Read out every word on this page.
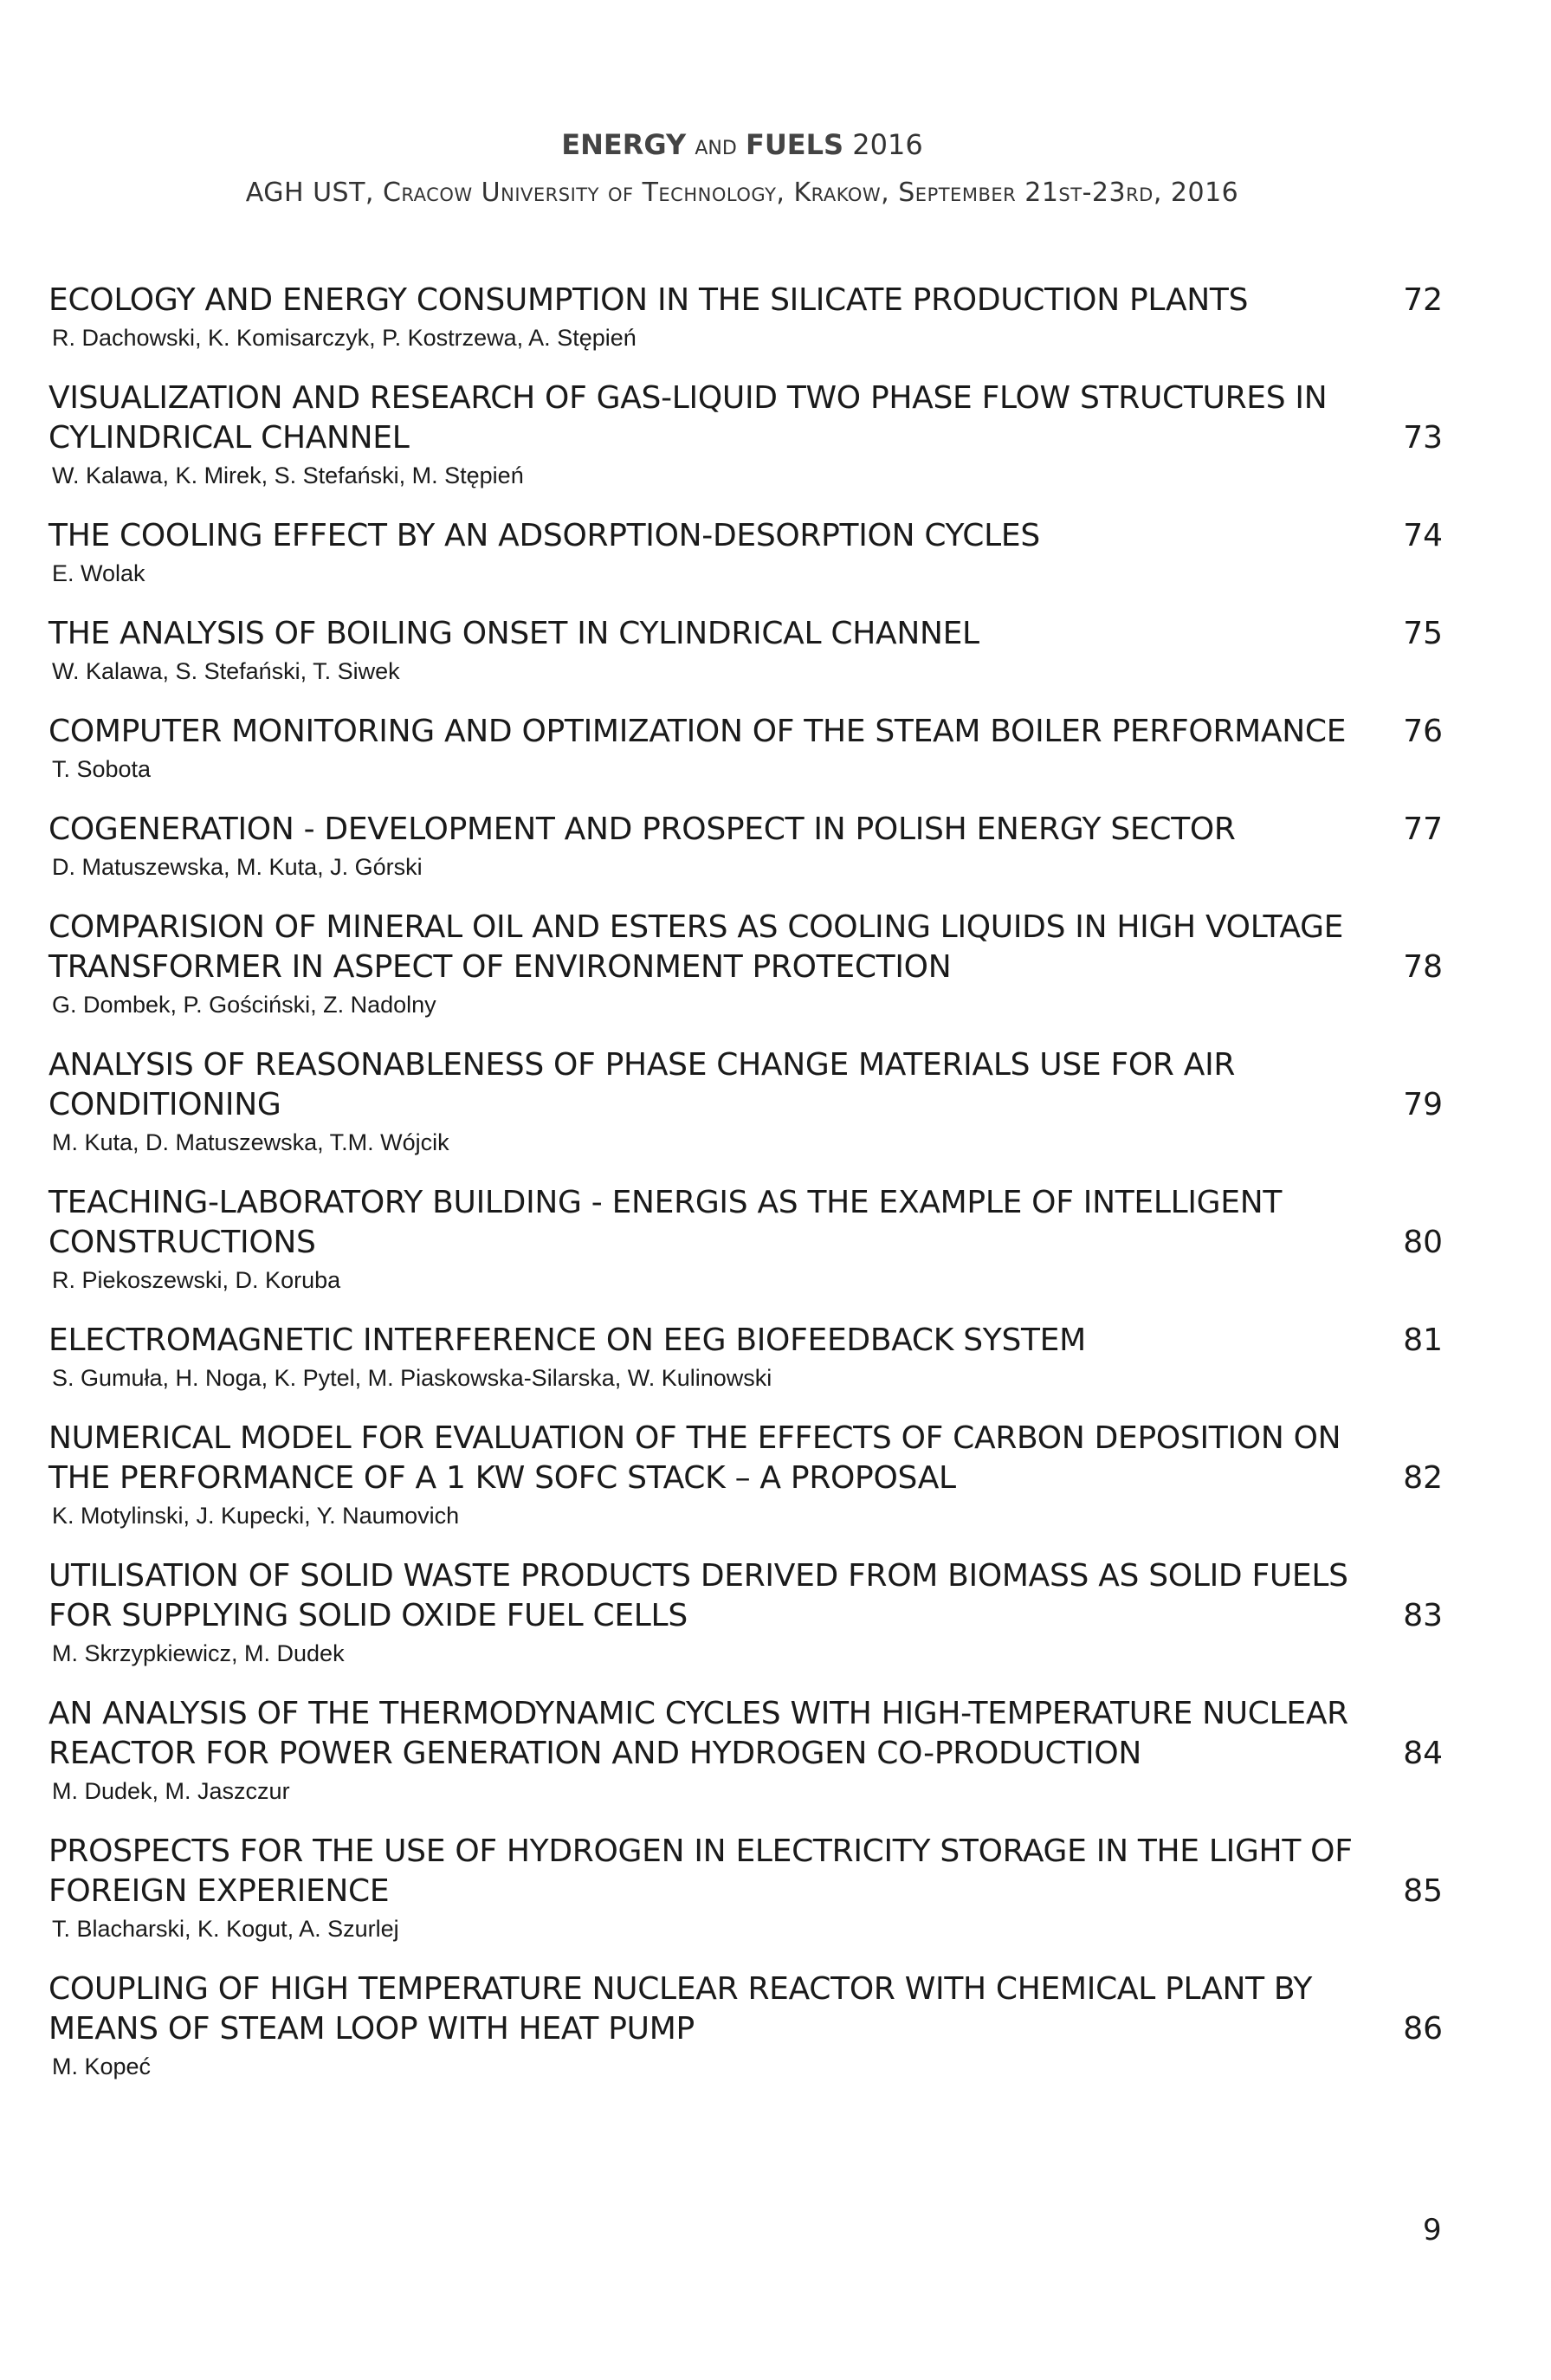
ENERGY AND FUELS 2016
AGH UST, Cracow University of Technology, Krakow, September 21st-23rd, 2016
ECOLOGY AND ENERGY CONSUMPTION IN THE SILICATE PRODUCTION PLANTS	72
R. Dachowski, K. Komisarczyk, P. Kostrzewa, A. Stępień
VISUALIZATION AND RESEARCH OF GAS-LIQUID TWO PHASE FLOW STRUCTURES IN CYLINDRICAL CHANNEL	73
W. Kalawa, K. Mirek, S. Stefański, M. Stępień
THE COOLING EFFECT BY AN ADSORPTION-DESORPTION CYCLES	74
E. Wolak
THE ANALYSIS OF BOILING ONSET IN CYLINDRICAL CHANNEL	75
W. Kalawa, S. Stefański, T. Siwek
COMPUTER MONITORING AND OPTIMIZATION OF THE STEAM BOILER PERFORMANCE	76
T. Sobota
COGENERATION - DEVELOPMENT AND PROSPECT IN POLISH ENERGY SECTOR	77
D. Matuszewska, M. Kuta, J. Górski
COMPARISION OF MINERAL OIL AND ESTERS AS COOLING LIQUIDS IN HIGH VOLTAGE TRANSFORMER IN ASPECT OF ENVIRONMENT PROTECTION	78
G. Dombek, P. Gościński, Z. Nadolny
ANALYSIS OF REASONABLENESS OF PHASE CHANGE MATERIALS USE FOR AIR CONDITIONING	79
M. Kuta, D. Matuszewska, T.M. Wójcik
TEACHING-LABORATORY BUILDING - ENERGIS AS THE EXAMPLE OF INTELLIGENT CONSTRUCTIONS	80
R. Piekoszewski, D. Koruba
ELECTROMAGNETIC INTERFERENCE ON EEG BIOFEEDBACK SYSTEM	81
S. Gumuła, H. Noga, K. Pytel, M. Piaskowska-Silarska, W. Kulinowski
NUMERICAL MODEL FOR EVALUATION OF THE EFFECTS OF CARBON DEPOSITION ON THE PERFORMANCE OF A 1 KW SOFC STACK – A PROPOSAL	82
K. Motylinski, J. Kupecki, Y. Naumovich
UTILISATION OF SOLID WASTE PRODUCTS DERIVED FROM BIOMASS AS SOLID FUELS FOR SUPPLYING SOLID OXIDE FUEL CELLS	83
M. Skrzypkiewicz, M. Dudek
AN ANALYSIS OF THE THERMODYNAMIC CYCLES WITH HIGH-TEMPERATURE NUCLEAR REACTOR FOR POWER GENERATION AND HYDROGEN CO-PRODUCTION	84
M. Dudek, M. Jaszczur
PROSPECTS FOR THE USE OF HYDROGEN IN ELECTRICITY STORAGE IN THE LIGHT OF FOREIGN EXPERIENCE	85
T. Blacharski, K. Kogut, A. Szurlej
COUPLING OF HIGH TEMPERATURE NUCLEAR REACTOR WITH CHEMICAL PLANT BY MEANS OF STEAM LOOP WITH HEAT PUMP	86
M. Kopeć
9
